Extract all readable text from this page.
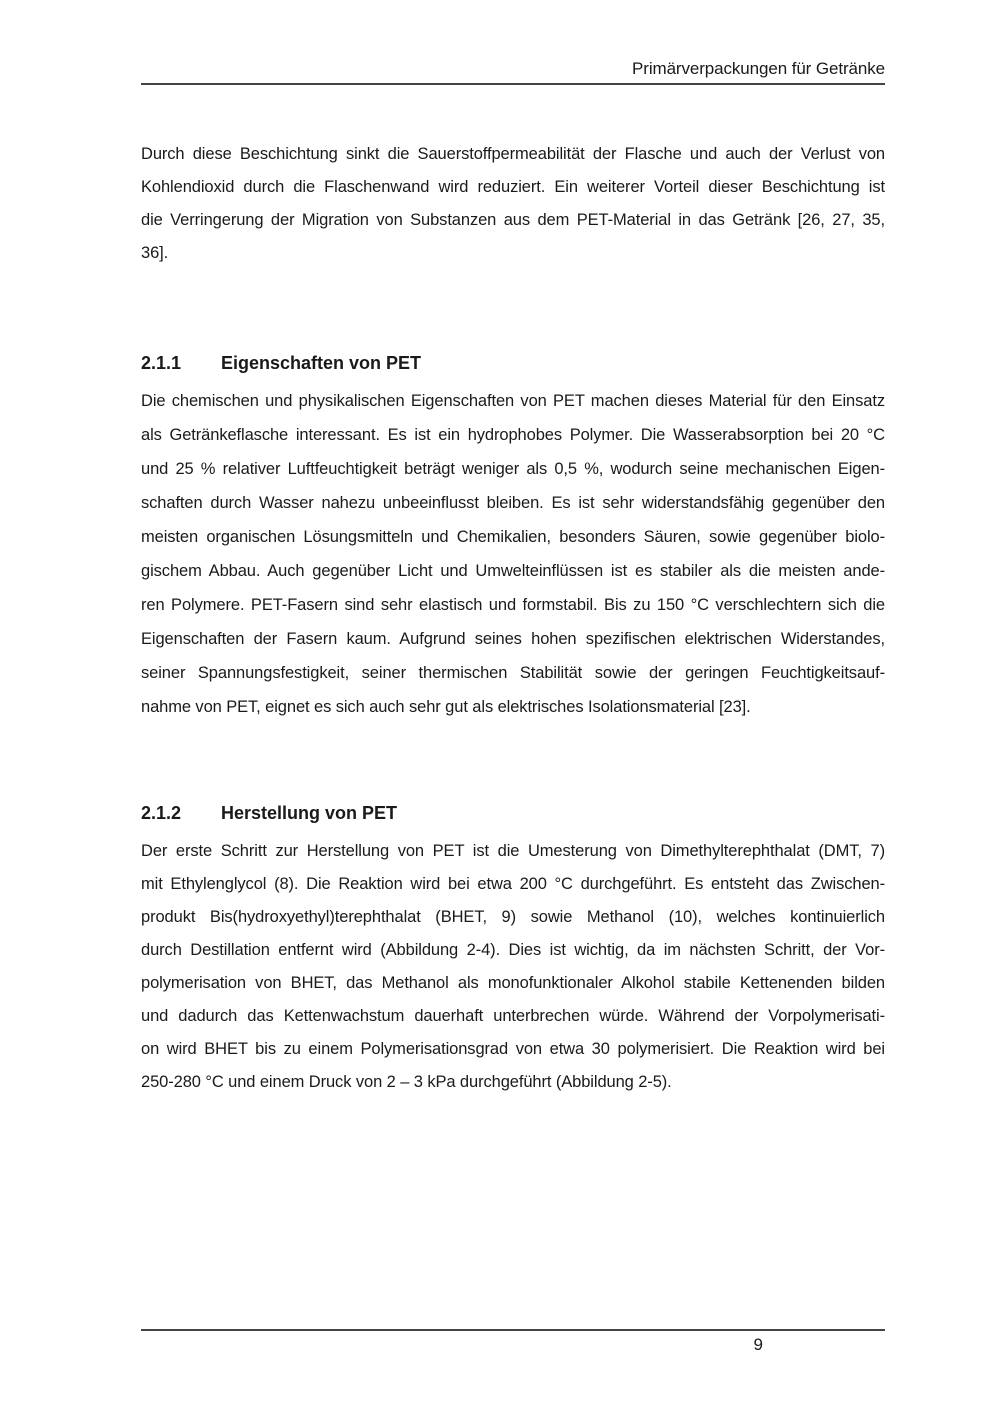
Primärverpackungen für Getränke
Durch diese Beschichtung sinkt die Sauerstoffpermeabilität der Flasche und auch der Verlust von
Kohlendioxid durch die Flaschenwand wird reduziert. Ein weiterer Vorteil dieser Beschichtung ist
die Verringerung der Migration von Substanzen aus dem PET-Material in das Getränk [26, 27, 35,
36].
2.1.1 Eigenschaften von PET
Die chemischen und physikalischen Eigenschaften von PET machen dieses Material für den Einsatz
als Getränkeflasche interessant. Es ist ein hydrophobes Polymer. Die Wasserabsorption bei 20 °C
und 25 % relativer Luftfeuchtigkeit beträgt weniger als 0,5 %, wodurch seine mechanischen Eigen-
schaften durch Wasser nahezu unbeeinflusst bleiben. Es ist sehr widerstandsfähig gegenüber den
meisten organischen Lösungsmitteln und Chemikalien, besonders Säuren, sowie gegenüber biolo-
gischem Abbau. Auch gegenüber Licht und Umwelteinflüssen ist es stabiler als die meisten ande-
ren Polymere. PET-Fasern sind sehr elastisch und formstabil. Bis zu 150 °C verschlechtern sich die
Eigenschaften der Fasern kaum. Aufgrund seines hohen spezifischen elektrischen Widerstandes,
seiner Spannungsfestigkeit, seiner thermischen Stabilität sowie der geringen Feuchtigkeitsauf-
nahme von PET, eignet es sich auch sehr gut als elektrisches Isolationsmaterial [23].
2.1.2 Herstellung von PET
Der erste Schritt zur Herstellung von PET ist die Umesterung von Dimethylterephthalat (DMT, 7)
mit Ethylenglycol (8). Die Reaktion wird bei etwa 200 °C durchgeführt. Es entsteht das Zwischen-
produkt Bis(hydroxyethyl)terephthalat (BHET, 9) sowie Methanol (10), welches kontinuierlich
durch Destillation entfernt wird (Abbildung 2-4). Dies ist wichtig, da im nächsten Schritt, der Vor-
polymerisation von BHET, das Methanol als monofunktionaler Alkohol stabile Kettenenden bilden
und dadurch das Kettenwachstum dauerhaft unterbrechen würde. Während der Vorpolymerisati-
on wird BHET bis zu einem Polymerisationsgrad von etwa 30 polymerisiert. Die Reaktion wird bei
250-280 °C und einem Druck von 2 – 3 kPa durchgeführt (Abbildung 2-5).
9
